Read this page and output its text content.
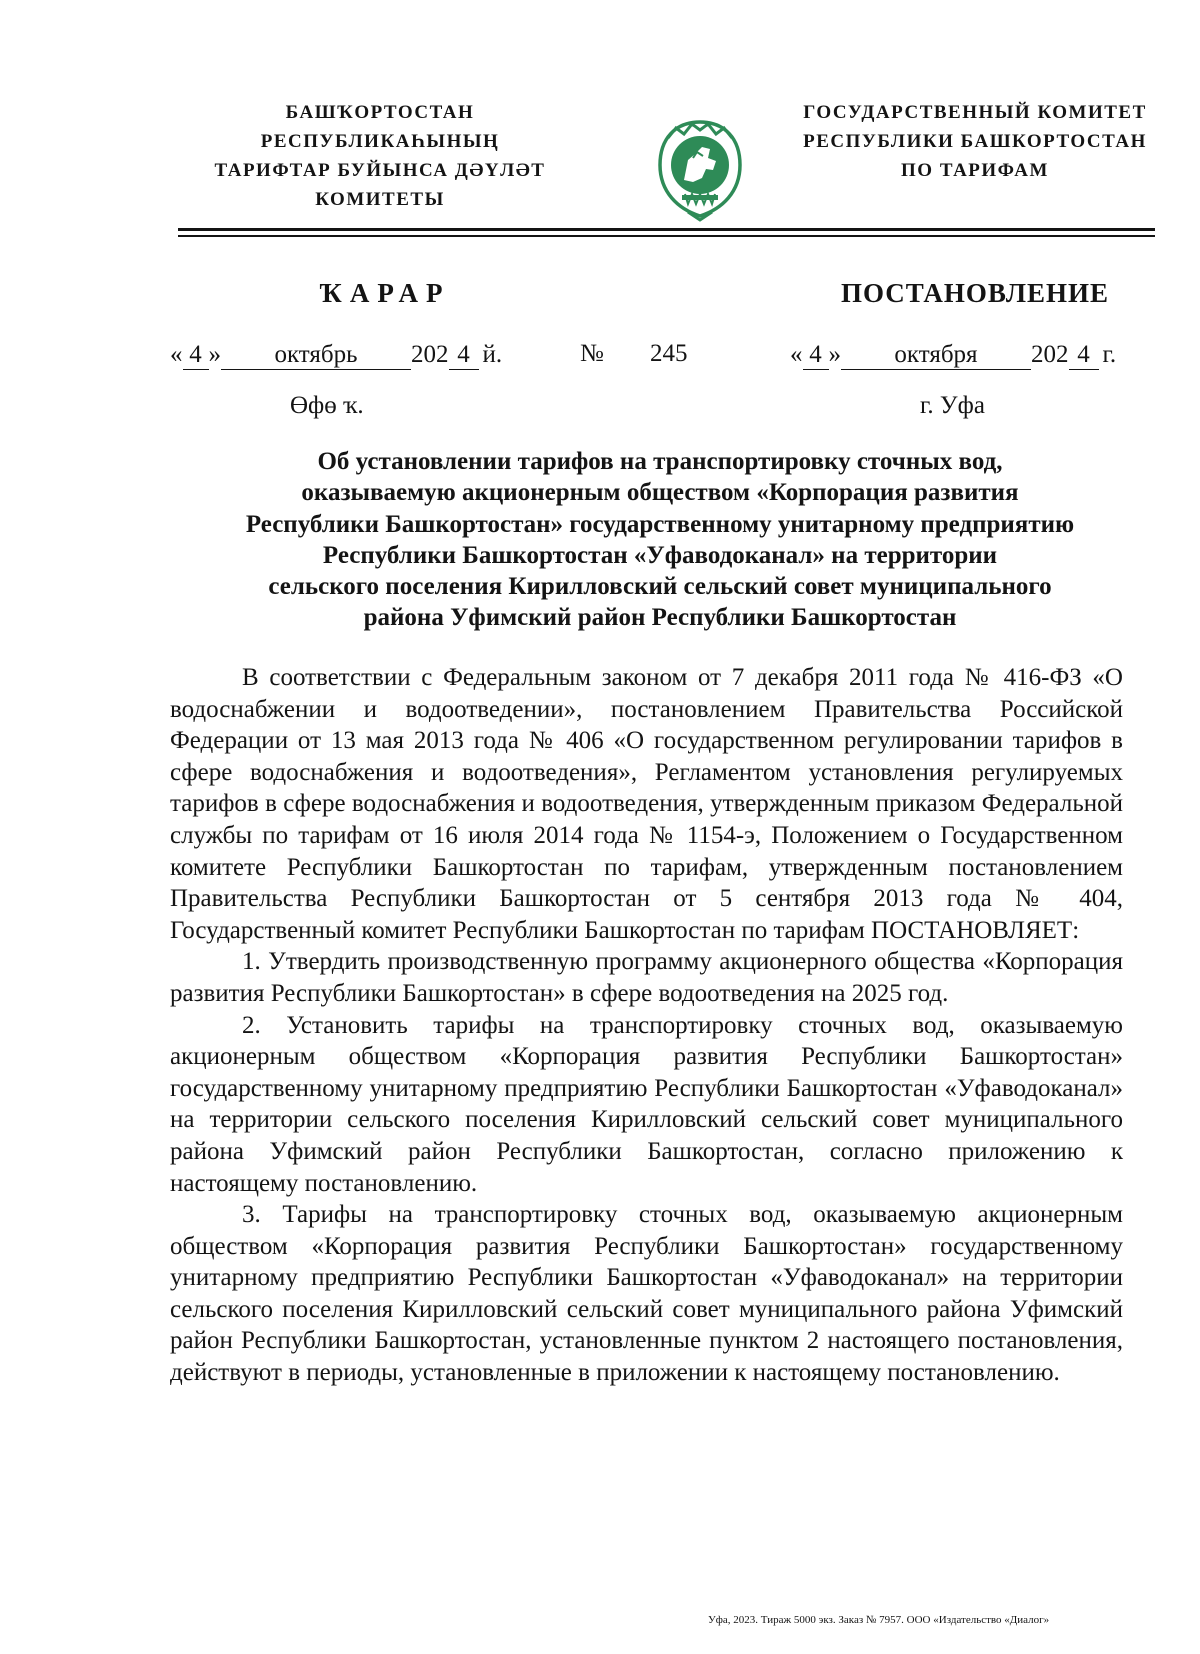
БАШҠОРТОСТАН РЕСПУБЛИКАҺЫНЫҢ
ТАРИФТАР БУЙЫНСА ДӘҮЛӘТ
КОМИТЕТЫ
ГОСУДАРСТВЕННЫЙ КОМИТЕТ
РЕСПУБЛИКИ БАШКОРТОСТАН
ПО ТАРИФАМ
ҠАРАР	ПОСТАНОВЛЕНИЕ
« 4 » октябрь 202 4 й.	№ 245	« 4 » октября 202 4 г.
Өфө ҡ.	г. Уфа
Об установлении тарифов на транспортировку сточных вод,
оказываемую акционерным обществом «Корпорация развития
Республики Башкортостан» государственному унитарному предприятию
Республики Башкортостан «Уфаводоканал» на территории
сельского поселения Кирилловский сельский совет муниципального
района Уфимский район Республики Башкортостан

В соответствии с Федеральным законом от 7 декабря 2011 года № 416-ФЗ «О водоснабжении и водоотведении», постановлением Правительства Российской Федерации от 13 мая 2013 года № 406 «О государственном регулировании тарифов в сфере водоснабжения и водоотведения», Регламентом установления регулируемых тарифов в сфере водоснабжения и водоотведения, утвержденным приказом Федеральной службы по тарифам от 16 июля 2014 года № 1154-э, Положением о Государственном комитете Республики Башкортостан по тарифам, утвержденным постановлением Правительства Республики Башкортостан от 5 сентября 2013 года № 404, Государственный комитет Республики Башкортостан по тарифам ПОСТАНОВЛЯЕТ:

1. Утвердить производственную программу акционерного общества «Корпорация развития Республики Башкортостан» в сфере водоотведения на 2025 год.

2. Установить тарифы на транспортировку сточных вод, оказываемую акционерным обществом «Корпорация развития Республики Башкортостан» государственному унитарному предприятию Республики Башкортостан «Уфаводоканал» на территории сельского поселения Кирилловский сельский совет муниципального района Уфимский район Республики Башкортостан, согласно приложению к настоящему постановлению.

3. Тарифы на транспортировку сточных вод, оказываемую акционерным обществом «Корпорация развития Республики Башкортостан» государственному унитарному предприятию Республики Башкортостан «Уфаводоканал» на территории сельского поселения Кирилловский сельский совет муниципального района Уфимский район Республики Башкортостан, установленные пунктом 2 настоящего постановления, действуют в периоды, установленные в приложении к настоящему постановлению.

Уфа, 2023. Тираж 5000 экз. Заказ № 7957. ООО «Издательство «Диалог»
